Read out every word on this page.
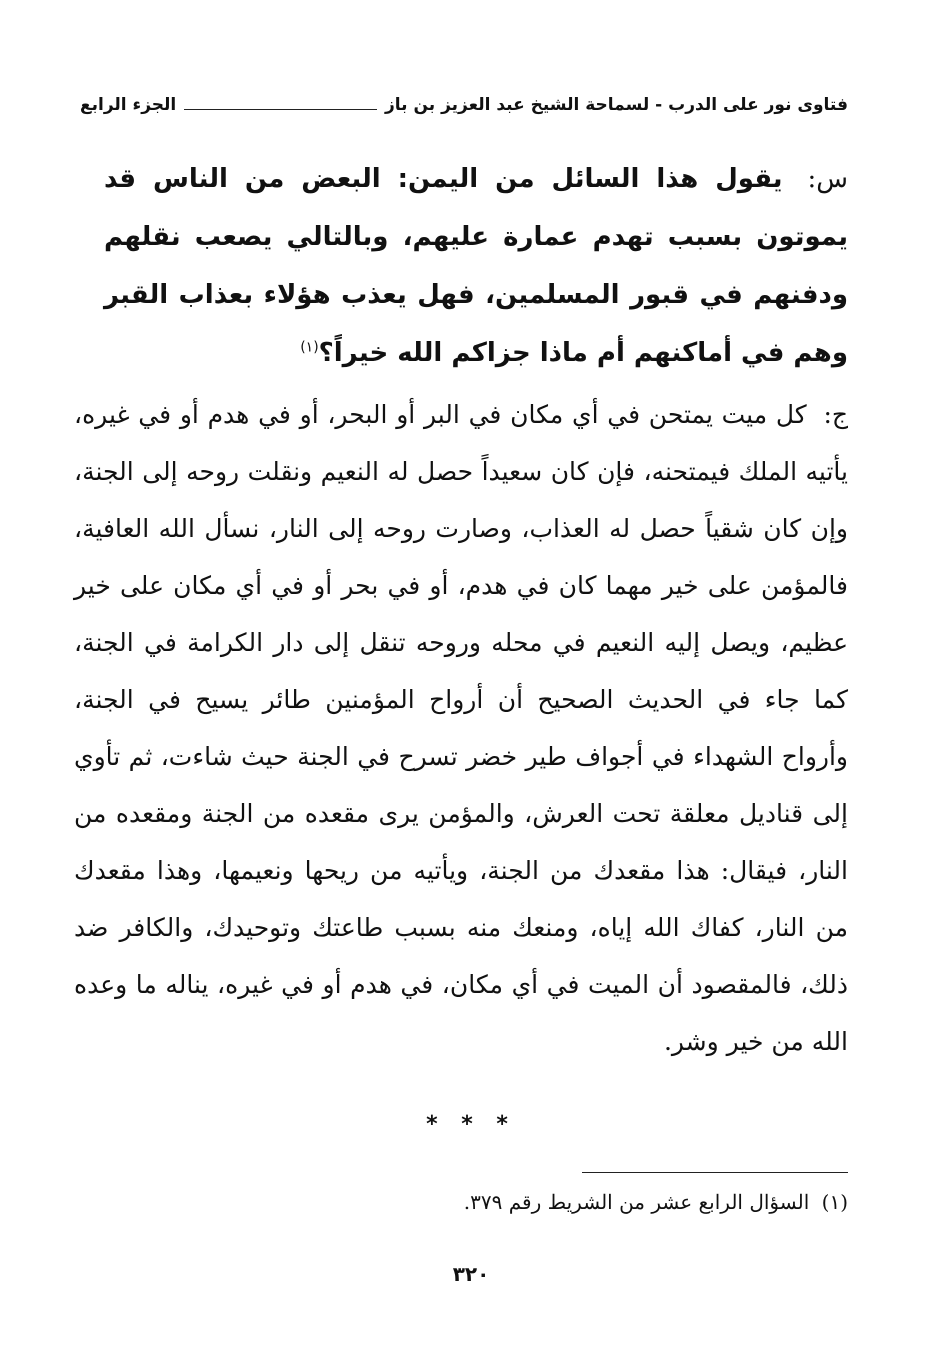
فتاوى نور على الدرب - لسماحة الشيخ عبد العزيز بن باز
الجزء الرابع
س: يقول هذا السائل من اليمن: البعض من الناس قد يموتون بسبب تهدم عمارة عليهم، وبالتالي يصعب نقلهم ودفنهم في قبور المسلمين، فهل يعذب هؤلاء بعذاب القبر وهم في أماكنهم أم ماذا جزاكم الله خيراً؟$^{(١)}$
ج: كل ميت يمتحن في أي مكان في البر أو البحر، أو في هدم أو في غيره، يأتيه الملك فيمتحنه، فإن كان سعيداً حصل له النعيم ونقلت روحه إلى الجنة، وإن كان شقياً حصل له العذاب، وصارت روحه إلى النار، نسأل الله العافية، فالمؤمن على خير مهما كان في هدم، أو في بحر أو في أي مكان على خير عظيم، ويصل إليه النعيم في محله وروحه تنقل إلى دار الكرامة في الجنة، كما جاء في الحديث الصحيح أن أرواح المؤمنين طائر يسيح في الجنة، وأرواح الشهداء في أجواف طير خضر تسرح في الجنة حيث شاءت، ثم تأوي إلى قناديل معلقة تحت العرش، والمؤمن يرى مقعده من الجنة ومقعده من النار، فيقال: هذا مقعدك من الجنة، ويأتيه من ريحها ونعيمها، وهذا مقعدك من النار، كفاك الله إياه، ومنعك منه بسبب طاعتك وتوحيدك، والكافر ضد ذلك، فالمقصود أن الميت في أي مكان، في هدم أو في غيره، يناله ما وعده الله من خير وشر.
* * *
(١) السؤال الرابع عشر من الشريط رقم ٣٧٩.
٣٢٠
